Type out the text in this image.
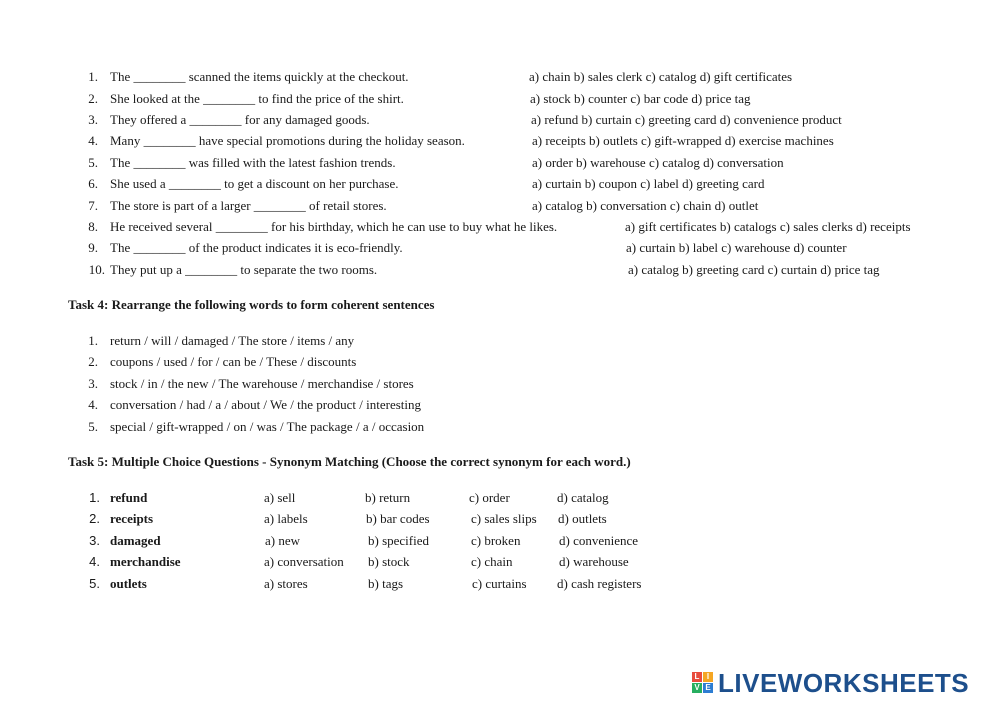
1. The ________ scanned the items quickly at the checkout.	a) chain b) sales clerk c) catalog d) gift certificates
2. She looked at the ________ to find the price of the shirt.	a) stock b) counter c) bar code d) price tag
3. They offered a ________ for any damaged goods.	a) refund b) curtain c) greeting card d) convenience product
4. Many ________ have special promotions during the holiday season.	a) receipts b) outlets c) gift-wrapped d) exercise machines
5. The ________ was filled with the latest fashion trends.	a) order b) warehouse c) catalog d) conversation
6. She used a ________ to get a discount on her purchase.	a) curtain b) coupon c) label d) greeting card
7. The store is part of a larger ________ of retail stores.	a) catalog b) conversation c) chain d) outlet
8. He received several ________ for his birthday, which he can use to buy what he likes.	a) gift certificates b) catalogs c) sales clerks d) receipts
9. The ________ of the product indicates it is eco-friendly.	a) curtain b) label c) warehouse d) counter
10. They put up a ________ to separate the two rooms.	a) catalog b) greeting card c) curtain d) price tag
Task 4: Rearrange the following words to form coherent sentences
1. return / will / damaged / The store / items / any
2. coupons / used / for / can be / These / discounts
3. stock / in / the new / The warehouse / merchandise / stores
4. conversation / had / a / about / We / the product / interesting
5. special / gift-wrapped / on / was / The package / a / occasion
Task 5: Multiple Choice Questions - Synonym Matching (Choose the correct synonym for each word.)
1. refund	a) sell	b) return	c) order	d) catalog
2. receipts	a) labels	b) bar codes	c) sales slips d) outlets
3. damaged	a) new	b) specified	c) broken	d) convenience
4. merchandise	a) conversation b) stock	c) chain	d) warehouse
5. outlets	a) stores	b) tags	c) curtains d) cash registers
L I
V E LIVEWORKSHEETS
